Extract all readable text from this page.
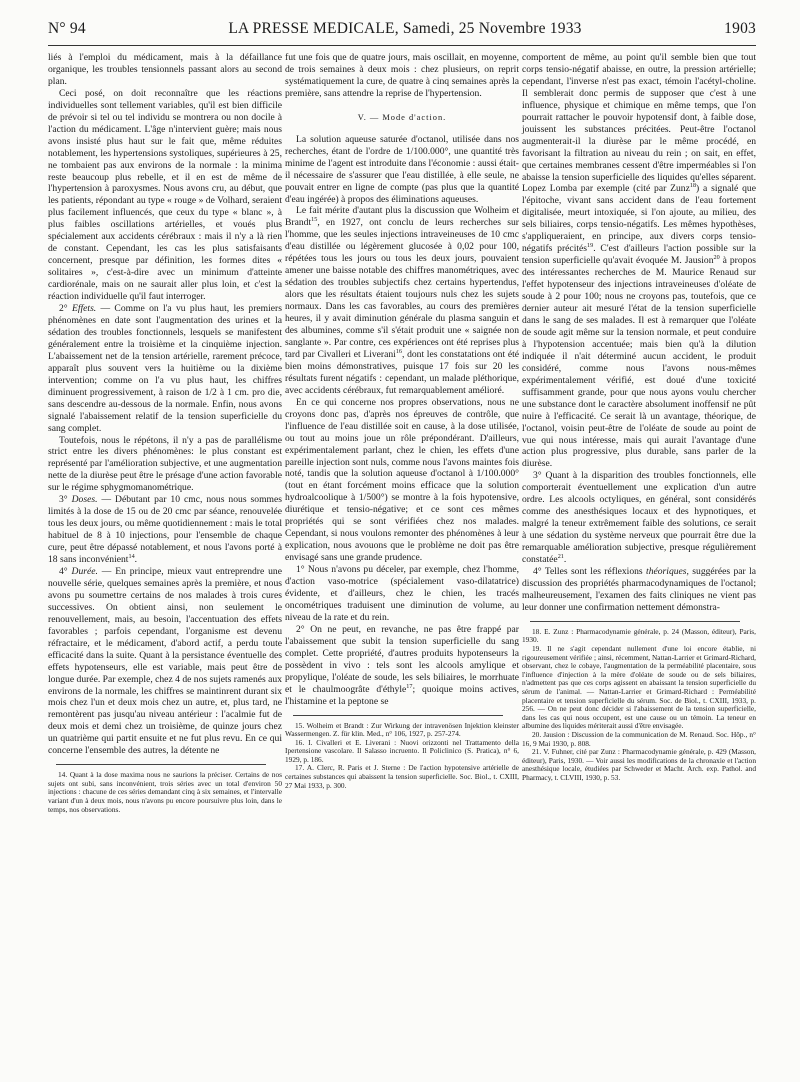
N° 94	LA PRESSE MEDICALE, Samedi, 25 Novembre 1933	1903

liés à l'emploi du médicament, mais à la défaillance organique, les troubles tensionnels passant alors au second plan.

Ceci posé, on doit reconnaître que les réactions individuelles sont tellement variables, qu'il est bien difficile de prévoir si tel ou tel individu se montrera ou non docile à l'action du médicament. L'âge n'intervient guère; mais nous avons insisté plus haut sur le fait que, même réduites notablement, les hypertensions systoliques, supérieures à 25, ne tombaient pas aux environs de la normale : la minima reste beaucoup plus rebelle, et il en est de même de l'hypertension à paroxysmes. Nous avons cru, au début, que les patients, répondant au type « rouge » de Volhard, seraient plus facilement influencés, que ceux du type « blanc », à plus faibles oscillations artérielles, et voués plus spécialement aux accidents cérébraux : mais il n'y a là rien de constant. Cependant, les cas les plus satisfaisants concernent, presque par définition, les formes dites « solitaires », c'est-à-dire avec un minimum d'atteinte cardiorénale, mais on ne saurait aller plus loin, et c'est la réaction individuelle qu'il faut interroger.

2° Effets. — Comme on l'a vu plus haut, les premiers phénomènes en date sont l'augmentation des urines et la sédation des troubles fonctionnels, lesquels se manifestent généralement entre la troisième et la cinquième injection. L'abaissement net de la tension artérielle, rarement précoce, apparaît plus souvent vers la huitième ou la dixième intervention; comme on l'a vu plus haut, les chiffres diminuent progressivement, à raison de 1/2 à 1 cm. pro die, sans descendre au-dessous de la normale. Enfin, nous avons signalé l'abaissement relatif de la tension superficielle du sang complet.

Toutefois, nous le répétons, il n'y a pas de parallélisme strict entre les divers phénomènes: le plus constant est représenté par l'amélioration subjective, et une augmentation nette de la diurèse peut être le présage d'une action favorable sur le régime sphygmomanométrique.

3° Doses. — Débutant par 10 cmc, nous nous sommes limités à la dose de 15 ou de 20 cmc par séance, renouvelée tous les deux jours, ou même quotidiennement : mais le total habituel de 8 à 10 injections, pour l'ensemble de chaque cure, peut être dépassé notablement, et nous l'avons porté à 18 sans inconvénient$^{14}$.

4° Durée. — En principe, mieux vaut entreprendre une nouvelle série, quelques semaines après la première, et nous avons pu soumettre certains de nos malades à trois cures successives. On obtient ainsi, non seulement le renouvellement, mais, au besoin, l'accentuation des effets favorables ; parfois cependant, l'organisme est devenu réfractaire, et le médicament, d'abord actif, a perdu toute efficacité dans la suite. Quant à la persistance éventuelle des effets hypotenseurs, elle est variable, mais peut être de longue durée. Par exemple, chez 4 de nos sujets ramenés aux environs de la normale, les chiffres se maintinrent durant six mois chez l'un et deux mois chez un autre, et, plus tard, ne remontèrent pas jusqu'au niveau antérieur : l'acalmie fut de deux mois et demi chez un troisième, de quinze jours chez un quatrième qui partit ensuite et ne fut plus revu. En ce qui concerne l'ensemble des autres, la détente ne

14. Quant à la dose maxima nous ne saurions la préciser. Certains de nos sujets ont subi, sans inconvénient, trois séries avec un total d'environ 50 injections : chacune de ces séries demandant cinq à six semaines, et l'intervalle variant d'un à deux mois, nous n'avons pu encore poursuivre plus loin, dans le temps, nos observations.

fut une fois que de quatre jours, mais oscillait, en moyenne, de trois semaines à deux mois : chez plusieurs, on reprit systématiquement la cure, de quatre à cinq semaines après la première, sans attendre la reprise de l'hypertension.

V. — Mode d'action.

La solution aqueuse saturée d'octanol, utilisée dans nos recherches, étant de l'ordre de 1/100.000°, une quantité très minime de l'agent est introduite dans l'économie : aussi était-il nécessaire de s'assurer que l'eau distillée, à elle seule, ne pouvait entrer en ligne de compte (pas plus que la quantité d'eau ingérée) à propos des éliminations aqueuses.

Le fait mérite d'autant plus la discussion que Wolheim et Brandt$^{15}$, en 1927, ont conclu de leurs recherches sur l'homme, que les seules injections intraveineuses de 10 cmc d'eau distillée ou légèrement glucosée à 0,02 pour 100, répétées tous les jours ou tous les deux jours, pouvaient amener une baisse notable des chiffres manométriques, avec sédation des troubles subjectifs chez certains hypertendus, alors que les résultats étaient toujours nuls chez les sujets normaux. Dans les cas favorables, au cours des premières heures, il y avait diminution générale du plasma sanguin et des albumines, comme s'il s'était produit une « saignée non sanglante ». Par contre, ces expériences ont été reprises plus tard par Civalleri et Liverani$^{16}$, dont les constatations ont été bien moins démonstratives, puisque 17 fois sur 20 les résultats furent négatifs : cependant, un malade pléthorique, avec accidents cérébraux, fut remarquablement amélioré.

En ce qui concerne nos propres observations, nous ne croyons donc pas, d'après nos épreuves de contrôle, que l'influence de l'eau distillée soit en cause, à la dose utilisée, ou tout au moins joue un rôle prépondérant. D'ailleurs, expérimentalement parlant, chez le chien, les effets d'une pareille injection sont nuls, comme nous l'avons maintes fois noté, tandis que la solution aqueuse d'octanol à 1/100.000° (tout en étant forcément moins efficace que la solution hydroalcoolique à 1/500°) se montre à la fois hypotensive, diurétique et tensio-négative; et ce sont ces mêmes propriétés qui se sont vérifiées chez nos malades. Cependant, si nous voulons remonter des phénomènes à leur explication, nous avouons que le problème ne doit pas être envisagé sans une grande prudence.

1° Nous n'avons pu déceler, par exemple, chez l'homme, d'action vaso-motrice (spécialement vaso-dilatatrice) évidente, et d'ailleurs, chez le chien, les tracés oncométriques traduisent une diminution de volume, au niveau de la rate et du rein.

2° On ne peut, en revanche, ne pas être frappé par l'abaissement que subit la tension superficielle du sang complet. Cette propriété, d'autres produits hypotenseurs la possèdent in vivo : tels sont les alcools amylique et propylique, l'oléate de soude, les sels biliaires, le morrhuate et le chaulmoogrâte d'éthyle$^{17}$; quoique moins actives, l'histamine et la peptone se

15. Wolheim et Brandt : Zur Wirkung der intravenösen Injektion kleinster Wassermengen. Z. für klin. Med., n° 106, 1927, p. 257-274.

16. I. Civalleri et E. Liverani : Nuovi orizzonti nel Trattamento della Ipertensione vascolare. Il Salasso incruento. Il Policlinico (S. Pratica), n° 6, 1929, p. 186.

17. A. Clerc, R. Paris et J. Sterne : De l'action hypotensive artérielle de certaines substances qui abaissent la tension superficielle. Soc. Biol., t. CXIII, 27 Mai 1933, p. 300.

comportent de même, au point qu'il semble bien que tout corps tensio-négatif abaisse, en outre, la pression artérielle; cependant, l'inverse n'est pas exact, témoin l'acétyl-choline. Il semblerait donc permis de supposer que c'est à une influence, physique et chimique en même temps, que l'on pourrait rattacher le pouvoir hypotensif dont, à faible dose, jouissent les substances précitées. Peut-être l'octanol augmenterait-il la diurèse par le même procédé, en favorisant la filtration au niveau du rein ; on sait, en effet, que certaines membranes cessent d'être imperméables si l'on abaisse la tension superficielle des liquides qu'elles séparent. Lopez Lomba par exemple (cité par Zunz$^{18}$) a signalé que l'épitoche, vivant sans accident dans de l'eau fortement digitalisée, meurt intoxiquée, si l'on ajoute, au milieu, des sels biliaires, corps tensio-négatifs. Les mêmes hypothèses, s'appliqueraient, en principe, aux divers corps tensio-négatifs précités$^{19}$. C'est d'ailleurs l'action possible sur la tension superficielle qu'avait évoquée M. Jausion$^{20}$ à propos des intéressantes recherches de M. Maurice Renaud sur l'effet hypotenseur des injections intraveineuses d'oléate de soude à 2 pour 100; nous ne croyons pas, toutefois, que ce dernier auteur ait mesuré l'état de la tension superficielle dans le sang de ses malades. Il est à remarquer que l'oléate de soude agit même sur la tension normale, et peut conduire à l'hypotension accentuée; mais bien qu'à la dilution indiquée il n'ait déterminé aucun accident, le produit considéré, comme nous l'avons nous-mêmes expérimentalement vérifié, est doué d'une toxicité suffisamment grande, pour que nous ayons voulu chercher une substance dont le caractère absolument inoffensif ne pût nuire à l'efficacité. Ce serait là un avantage, théorique, de l'octanol, voisin peut-être de l'oléate de soude au point de vue qui nous intéresse, mais qui aurait l'avantage d'une action plus progressive, plus durable, sans parler de la diurèse.

3° Quant à la disparition des troubles fonctionnels, elle comporterait éventuellement une explication d'un autre ordre. Les alcools octyliques, en général, sont considérés comme des anesthésiques locaux et des hypnotiques, et malgré la teneur extrêmement faible des solutions, ce serait à une sédation du système nerveux que pourrait être due la remarquable amélioration subjective, presque régulièrement constatée$^{21}$.

4° Telles sont les réflexions théoriques, suggérées par la discussion des propriétés pharmacodynamiques de l'octanol; malheureusement, l'examen des faits cliniques ne vient pas leur donner une confirmation nettement démonstra-

18. E. Zunz : Pharmacodynamie générale, p. 24 (Masson, éditeur), Paris, 1930.

19. Il ne s'agit cependant nullement d'une loi encore établie, ni rigoureusement vérifiée ; ainsi, récemment, Nattan-Larrier et Grimard-Richard, observant, chez le cobaye, l'augmentation de la perméabilité placentaire, sous l'influence d'injection à la mère d'oléate de soude ou de sels biliaires, n'admettent pas que ces corps agissent en abaissant la tension superficielle du sérum de l'animal. — Nattan-Larrier et Grimard-Richard : Perméabilité placentaire et tension superficielle du sérum. Soc. de Biol., t. CXIII, 1933, p. 256. — On ne peut donc décider si l'abaissement de la tension superficielle, dans les cas qui nous occupent, est une cause ou un témoin. La teneur en albumine des liquides mériterait aussi d'être envisagée.

20. Jausion : Discussion de la communication de M. Renaud. Soc. Hôp., n° 16, 9 Mai 1930, p. 808.

21. V. Fuhner, cité par Zunz : Pharmacodynamie générale, p. 429 (Masson, éditeur), Paris, 1930. — Voir aussi les modifications de la chronaxie et l'action anesthésique locale, étudiées par Schweder et Macht. Arch. exp. Pathol. and Pharmacy, t. CLVIII, 1930, p. 53.
